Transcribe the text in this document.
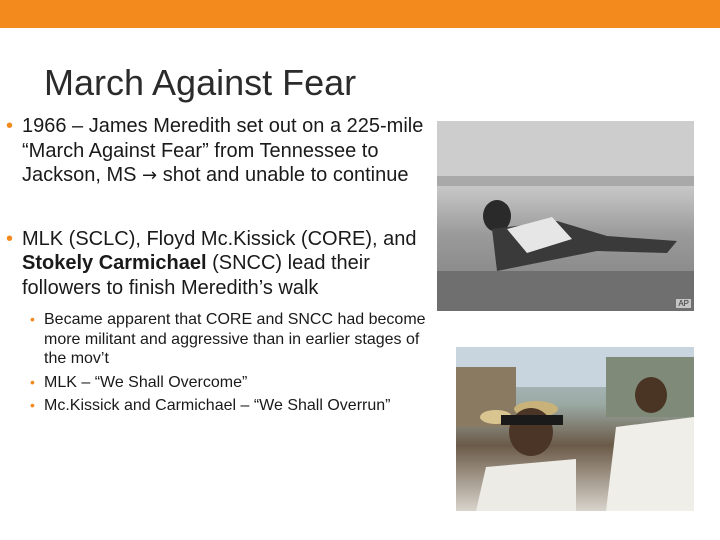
March Against Fear
• 1966 – James Meredith set out on a 225-mile “March Against Fear” from Tennessee to Jackson, MS → shot and unable to continue
• MLK (SCLC), Floyd Mc.Kissick (CORE), and Stokely Carmichael (SNCC) lead their followers to finish Meredith’s walk
• Became apparent that CORE and SNCC had become more militant and aggressive than in earlier stages of the mov’t
• MLK – “We Shall Overcome”
• Mc.Kissick and Carmichael – “We Shall Overrun”
AP
